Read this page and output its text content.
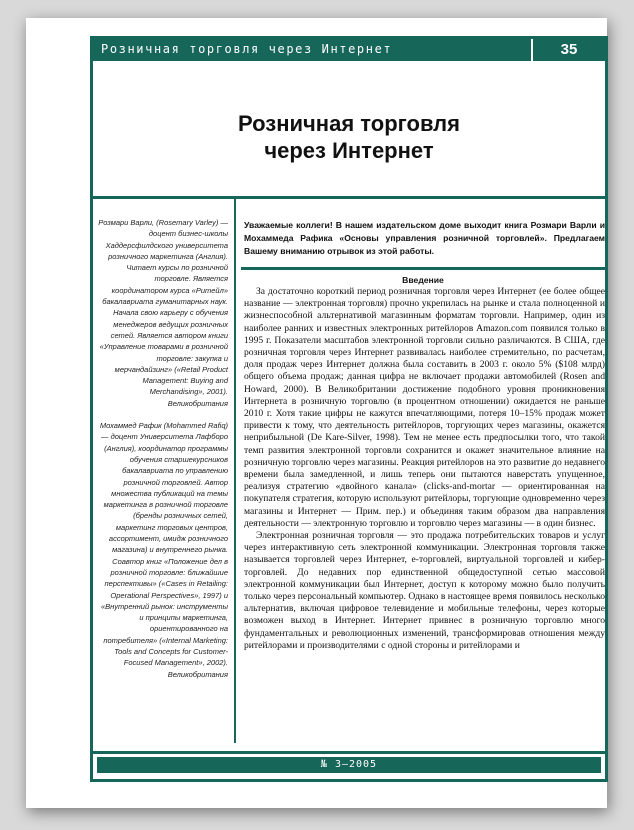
Розничная торговля через Интернет	35
Розничная торговля
через Интернет

Розмари Варли, (Rosemary Varley) — доцент бизнес-школы Хаддерсфилдского университета розничного маркетинга (Англия). Читает курсы по розничной торговле. Является координатором курса «Ритейл» бакалавриата гуманитарных наук. Начала свою карьеру с обучения менеджеров ведущих розничных сетей. Является автором книги «Управление товарами в розничной торговле: закупка и мерчандайзинг» («Retail Product Management: Buying and Merchandising», 2001). Великобритания

Мохаммед Рафик (Mohammed Rafiq) — доцент Университета Лафборо (Англия), координатор программы обучения старшекурсников бакалавриата по управлению розничной торговлей. Автор множества публикаций на темы маркетинга в розничной торговле (бренды розничных сетей, маркетинг торговых центров, ассортимент, имидж розничного магазина) и внутреннего рынка. Соавтор книг «Положение дел в розничной торговле: ближайшие перспективы» («Cases in Retailing: Operational Perspectives», 1997) и «Внутренний рынок: инструменты и принципы маркетинга, ориентированного на потребителя» («Internal Marketing: Tools and Concepts for Customer-Focused Management», 2002). Великобритания

Уважаемые коллеги! В нашем издательском доме выходит книга Розмари Варли и Мохаммеда Рафика «Основы управления розничной торговлей». Предлагаем Вашему вниманию отрывок из этой работы.
Введение

За достаточно короткий период розничная торговля через Интернет (ее более общее название — электронная торговля) прочно укрепилась на рынке и стала полноценной и жизнеспособной альтернативой магазинным форматам торговли. Например, один из наиболее ранних и известных электронных ритейлоров Amazon.com появился только в 1995 г. Показатели масштабов электронной торговли сильно различаются. В США, где розничная торговля через Интернет развивалась наиболее стремительно, по расчетам, доля продаж через Интернет должна была составить в 2003 г. около 5% ($108 млрд) общего объема продаж; данная цифра не включает продажи автомобилей (Rosen and Howard, 2000). В Великобритании достижение подобного уровня проникновения Интернета в розничную торговлю (в процентном отношении) ожидается не раньше 2010 г. Хотя такие цифры не кажутся впечатляющими, потеря 10–15% продаж может привести к тому, что деятельность ритейлоров, торгующих через магазины, окажется неприбыльной (De Kare-Silver, 1998). Тем не менее есть предпосылки того, что такой темп развития электронной торговли сохранится и окажет значительное влияние на розничную торговлю через магазины. Реакция ритейлоров на это развитие до недавнего времени была замедленной, и лишь теперь они пытаются наверстать упущенное, реализуя стратегию «двойного канала» (clicks-and-mortar — ориентированная на покупателя стратегия, которую используют ритейлоры, торгующие одновременно через магазины и Интернет — Прим. пер.) и объединяя таким образом два направления деятельности — электронную торговлю и торговлю через магазины — в один бизнес.

Электронная розничная торговля — это продажа потребительских товаров и услуг через интерактивную сеть электронной коммуникации. Электронная торговля также называется торговлей через Интернет, e-торговлей, виртуальной торговлей и кибер-торговлей. До недавних пор единственной общедоступной сетью массовой электронной коммуникации был Интернет, доступ к которому можно было получить только через персональный компьютер. Однако в настоящее время появилось несколько альтернатив, включая цифровое телевидение и мобильные телефоны, через которые возможен выход в Интернет. Интернет привнес в розничную торговлю много фундаментальных и революционных изменений, трансформировав отношения между ритейлорами и производителями с одной стороны и ритейлорами и

№ 3–2005
